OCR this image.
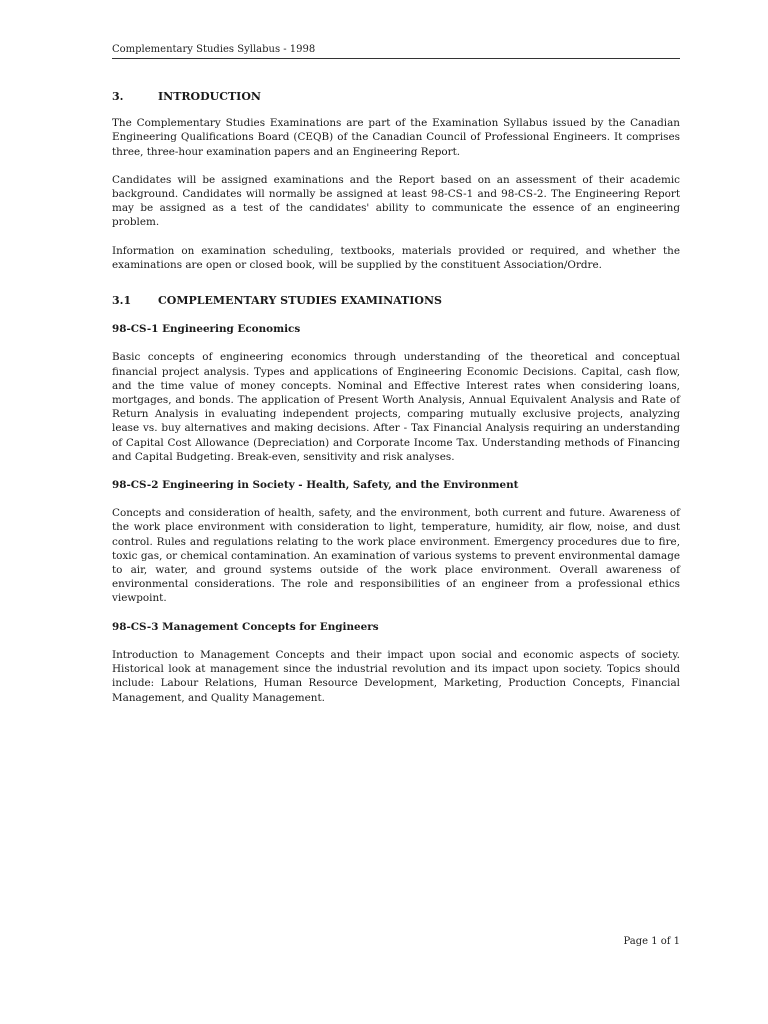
Complementary Studies Syllabus - 1998
3.	INTRODUCTION

The Complementary Studies Examinations are part of the Examination Syllabus issued by the Canadian Engineering Qualifications Board (CEQB) of the Canadian Council of Professional Engineers. It comprises three, three-hour examination papers and an Engineering Report.

Candidates will be assigned examinations and the Report based on an assessment of their academic background. Candidates will normally be assigned at least 98-CS-1 and 98-CS-2. The Engineering Report may be assigned as a test of the candidates' ability to communicate the essence of an engineering problem.

Information on examination scheduling, textbooks, materials provided or required, and whether the examinations are open or closed book, will be supplied by the constituent Association/Ordre.

3.1	COMPLEMENTARY STUDIES EXAMINATIONS
98-CS-1 Engineering Economics

Basic concepts of engineering economics through understanding of the theoretical and conceptual financial project analysis. Types and applications of Engineering Economic Decisions. Capital, cash flow, and the time value of money concepts. Nominal and Effective Interest rates when considering loans, mortgages, and bonds. The application of Present Worth Analysis, Annual Equivalent Analysis and Rate of Return Analysis in evaluating independent projects, comparing mutually exclusive projects, analyzing lease vs. buy alternatives and making decisions. After - Tax Financial Analysis requiring an understanding of Capital Cost Allowance (Depreciation) and Corporate Income Tax. Understanding methods of Financing and Capital Budgeting. Break-even, sensitivity and risk analyses.

98-CS-2 Engineering in Society - Health, Safety, and the Environment

Concepts and consideration of health, safety, and the environment, both current and future. Awareness of the work place environment with consideration to light, temperature, humidity, air flow, noise, and dust control. Rules and regulations relating to the work place environment. Emergency procedures due to fire, toxic gas, or chemical contamination. An examination of various systems to prevent environmental damage to air, water, and ground systems outside of the work place environment. Overall awareness of environmental considerations. The role and responsibilities of an engineer from a professional ethics viewpoint.

98-CS-3 Management Concepts for Engineers

Introduction to Management Concepts and their impact upon social and economic aspects of society. Historical look at management since the industrial revolution and its impact upon society. Topics should include: Labour Relations, Human Resource Development, Marketing, Production Concepts, Financial Management, and Quality Management.

Page 1 of 1
